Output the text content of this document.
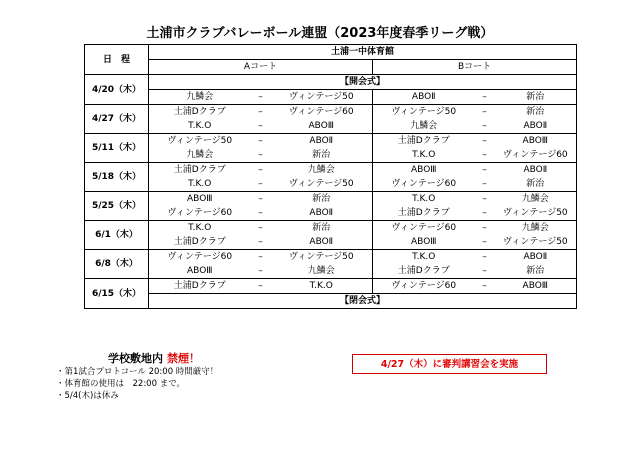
土浦市クラブバレーボール連盟（2023年度春季リーグ戦）
日　程	土浦一中体育館					
	Aコート			Bコート		
4/20（木）	【開会式】					
	九鱗会	–	ヴィンテージ50	ABOⅡ	–	新治
4/27（木）	土浦Dクラブ	–	ヴィンテージ60	ヴィンテージ50	–	新治
	T.K.O	–	ABOⅢ	九鱗会	–	ABOⅡ
5/11（木）	ヴィンテージ50	–	ABOⅡ	土浦Dクラブ	–	ABOⅢ
	九鱗会	–	新治	T.K.O	–	ヴィンテージ60
5/18（木）	土浦Dクラブ	–	九鱗会	ABOⅢ	–	ABOⅡ
	T.K.O	–	ヴィンテージ50	ヴィンテージ60	–	新治
5/25（木）	ABOⅢ	–	新治	T.K.O	–	九鱗会
	ヴィンテージ60	–	ABOⅡ	土浦Dクラブ	–	ヴィンテージ50
6/1（木）	T.K.O	–	新治	ヴィンテージ60	–	九鱗会
	土浦Dクラブ	–	ABOⅡ	ABOⅢ	–	ヴィンテージ50
6/8（木）	ヴィンテージ60	–	ヴィンテージ50	T.K.O	–	ABOⅡ
	ABOⅢ	–	九鱗会	土浦Dクラブ	–	新治
6/15（木）	土浦Dクラブ	–	T.K.O	ヴィンテージ60	–	ABOⅢ
	【閉会式】					
学校敷地内 禁煙！
・第1試合プロトコール 20:00 時間厳守！
・体育館の使用は　22:00 まで。
・5/4(木)は休み
4/27（木）に審判講習会を実施
